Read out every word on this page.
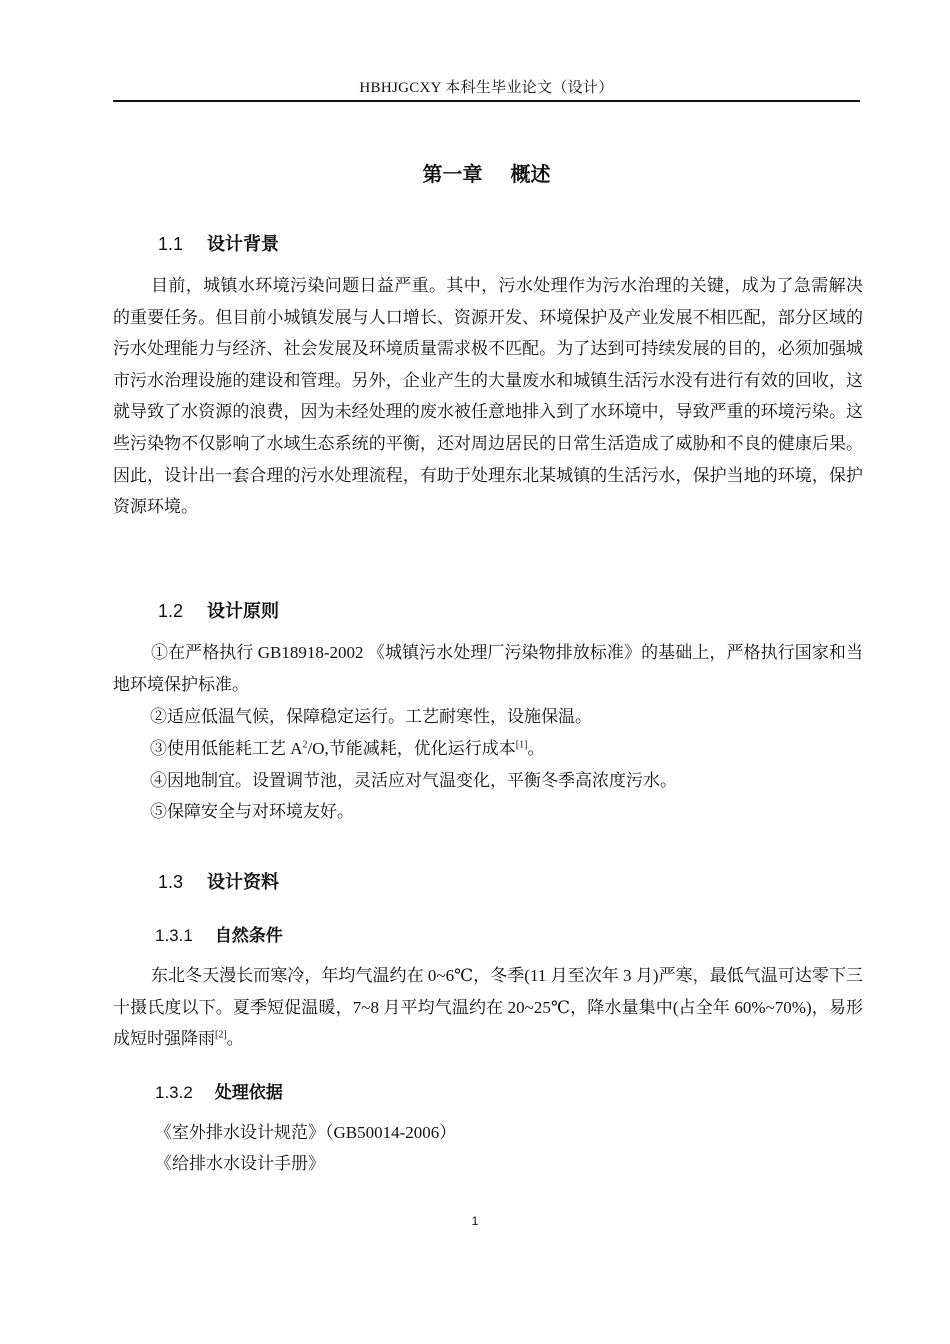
HBHJGCXY 本科生毕业论文（设计）
第一章 概述
1.1 设计背景
目前，城镇水环境污染问题日益严重。其中，污水处理作为污水治理的关键，成为了急需解决的重要任务。但目前小城镇发展与人口增长、资源开发、环境保护及产业发展不相匹配，部分区域的污水处理能力与经济、社会发展及环境质量需求极不匹配。为了达到可持续发展的目的，必须加强城市污水治理设施的建设和管理。另外，企业产生的大量废水和城镇生活污水没有进行有效的回收，这就导致了水资源的浪费，因为未经处理的废水被任意地排入到了水环境中，导致严重的环境污染。这些污染物不仅影响了水域生态系统的平衡，还对周边居民的日常生活造成了威胁和不良的健康后果。因此，设计出一套合理的污水处理流程，有助于处理东北某城镇的生活污水，保护当地的环境，保护资源环境。
1.2 设计原则
①在严格执行 GB18918-2002 《城镇污水处理厂污染物排放标准》的基础上，严格执行国家和当地环境保护标准。
②适应低温气候，保障稳定运行。工艺耐寒性，设施保温。
③使用低能耗工艺 $A^2/O$,节能减耗，优化运行成本[1]。
④因地制宜。设置调节池，灵活应对气温变化，平衡冬季高浓度污水。
⑤保障安全与对环境友好。
1.3 设计资料
1.3.1 自然条件
东北冬天漫长而寒冷，年均气温约在 0~6℃，冬季(11 月至次年 3 月)严寒，最低气温可达零下三十摄氏度以下。夏季短促温暖，7~8 月平均气温约在 20~25℃，降水量集中(占全年 60%~70%)，易形成短时强降雨[2]。
1.3.2 处理依据
《室外排水设计规范》（GB50014-2006）
《给排水水设计手册》
1
